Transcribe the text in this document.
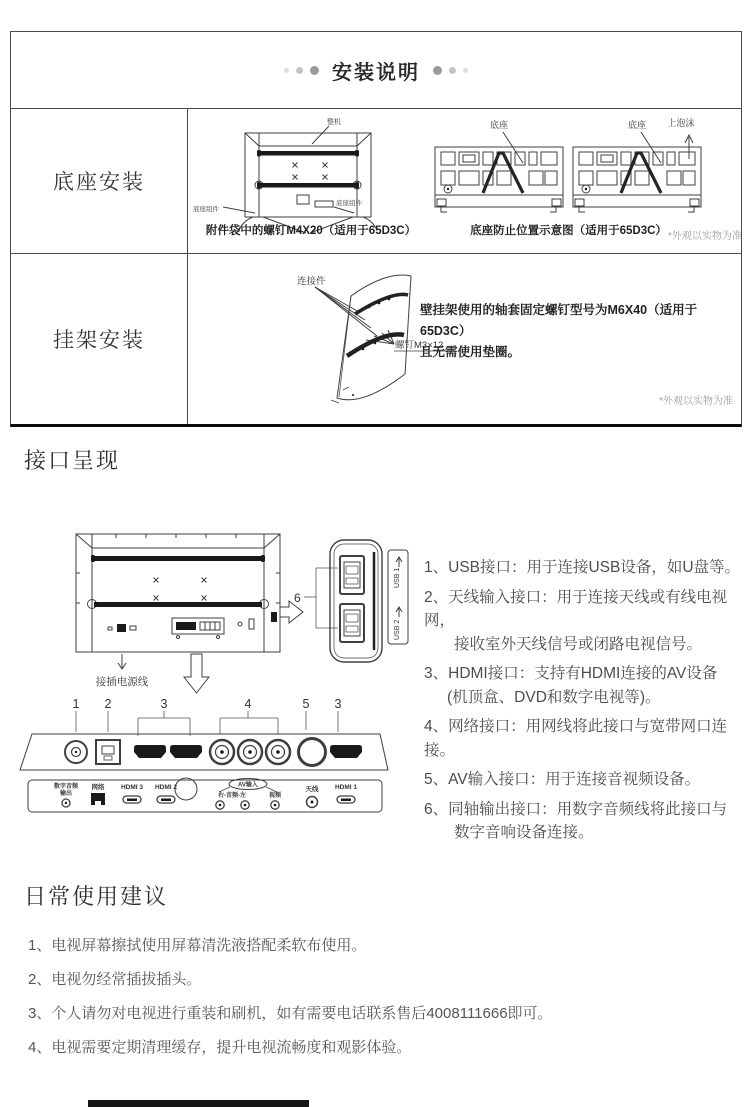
安装说明
底座安装
整机
底座组件
底座组件
底座	底座 上泡沫
附件袋中的螺钉M4X20（适用于65D3C）	底座防止位置示意图（适用于65D3C） *外观以实物为准
挂架安装
连接件
螺钉M3×12
壁挂架使用的轴套固定螺钉型号为M6X40（适用于65D3C）
且无需使用垫圈。
*外观以实物为准
接口呈现
接插电源线
6
USB 1
USB 2
1 2	3	4	5 3
数字音频
输出
网络	HDMI 3 HDMI 2	AV输入
右-音频-左	视频
天线	HDMI 1
1、USB接口：用于连接USB设备，如U盘等。
2、天线输入接口：用于连接天线或有线电视网，
接收室外天线信号或闭路电视信号。
3、HDMI接口：支持有HDMI连接的AV设备
(机顶盒、DVD和数字电视等)。
4、网络接口：用网线将此接口与宽带网口连接。
5、AV输入接口：用于连接音视频设备。
6、同轴输出接口：用数字音频线将此接口与
数字音响设备连接。
日常使用建议
1、电视屏幕擦拭使用屏幕清洗液搭配柔软布使用。
2、电视勿经常插拔插头。
3、个人请勿对电视进行重装和刷机，如有需要电话联系售后4008111666即可。
4、电视需要定期清理缓存，提升电视流畅度和观影体验。
